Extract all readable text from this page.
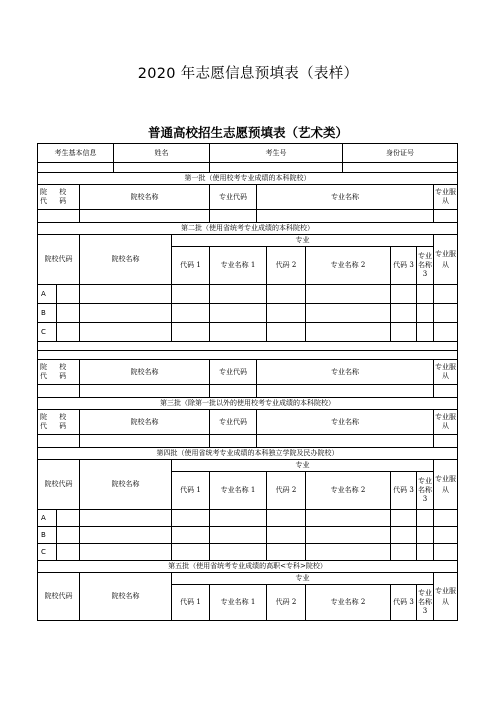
2020 年志愿信息预填表（表样）
普通高校招生志愿预填表（艺术类）
考生基本信息			姓名		考生号				身份证号			

第一批（使用校考专业成绩的本科院校）												
院 校 代 码		院校名称			专业代码	专业名称						专业服从

第二批（使用省统考专业成绩的本科院校）												
院校代码		院校名称		专业								专业服从
				代码 1	专业名称 1		代码 2	专业名称 2		代码 3	专业名称 3	
A												
B												
C												

院 校 代 码		院校名称			专业代码	专业名称						专业服从

第三批（除第一批以外的使用校考专业成绩的本科院校）												
院 校 代 码		院校名称			专业代码	专业名称						专业服从

第四批（使用省统考专业成绩的本科独立学院及民办院校）												
院校代码		院校名称		专业								专业服从
				代码 1	专业名称 1		代码 2	专业名称 2		代码 3	专业名称 3	
A												
B												
C												
第五批（使用省统考专业成绩的高职<专科>院校）												
院校代码		院校名称		专业								专业服从
				代码 1	专业名称 1		代码 2	专业名称 2		代码 3	专业名称 3	
